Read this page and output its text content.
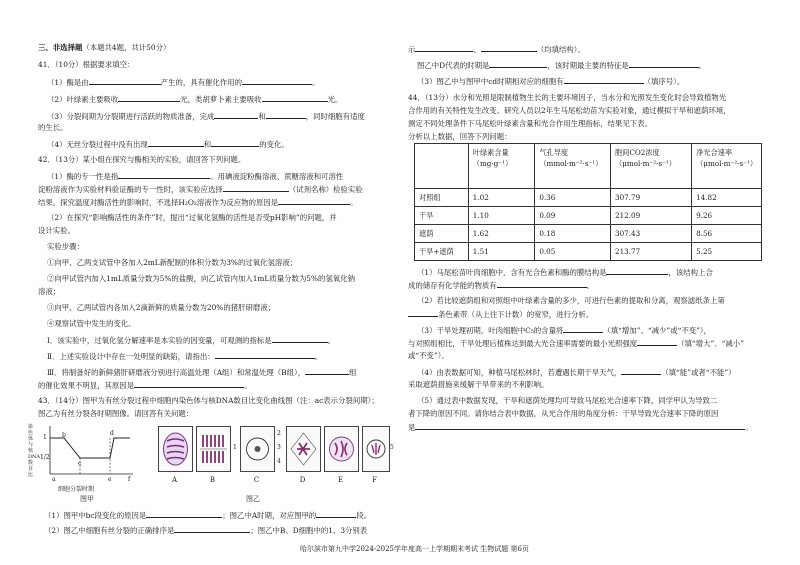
三、非选择题（本题共4题，共计50分）
41．（10分）根据要求填空：
（1）酶是由	产生的，具有催化作用的	。
（2）叶绿素主要吸收	光，类胡萝卜素主要吸收	光。
（3）分裂间期为分裂期进行活跃的物质准备，完成	和	，同时细胞有适度
的生长。
（4）无丝分裂过程中没有出现	和	的变化。
42．（13分）某小组在探究与酶相关的实验，请回答下列问题。
（1）酶的专一性是指	。用碘液淀粉酶溶液、蔗糖溶液和可溶性
淀粉溶液作为实验材料验证酶的专一性时，该实验应选择	（试剂名称）检验实验
结果。探究温度对酶活性的影响时，不选择H₂O₂溶液作为反应物的原因是	。
（2）在探究“影响酶活性的条件”时，提出“过氧化氢酶的活性是否受pH影响”的问题，并
设计实验。
实验步骤：
①向甲、乙两支试管中各加入2mL新配制的体积分数为3%的过氧化氢溶液；
②向甲试管内加入1mL质量分数为5%的盐酸，向乙试管内加入1mL质量分数为5%的氢氧化钠
溶液；
③向甲、乙两试管内各加入2滴新鲜的质量分数为20%的猪肝研磨液；
④观察试管中发生的变化。
Ⅰ．该实验中，过氧化氢分解速率是本实验的因变量，可观测的指标是	。
Ⅱ．上述实验设计中存在一处明显的缺陷，请指出：	。
Ⅲ．将制备好的新鲜猪肝研磨液分别进行高温处理（A组）和常温处理（B组），	组
的催化效果不明显，其原因是	。
43．（14分）图甲为有丝分裂过程中细胞内染色体与核DNA数目比变化曲线图（注：ac表示分裂间期）；
图乙为有丝分裂各时期图像。请回答有关问题：
染色体与核DNA数目比
1
1/2
a
b
c
d
e	f
细胞分裂时期
图甲
A	B
1
C
2
3
4
D	E	F
5
图乙
（1）图甲中bc段变化的原因是	；图乙中A时期，对应图甲的	段。
（2）图乙中细胞有丝分裂的正确排序是	；图乙中B、D细胞中的1、3分别表
示	、	（均填结构）。
图乙中D代表的时期是	，该时期最主要的特征是	。
（3）图乙中与图甲中cd时期相对应的细胞有	（填序号）。
44．（13分）水分和光照是限制植物生长的主要环境因子，当水分和光照发生变化时会导致植物光
合作用的有关特性发生改变。研究人员以2年生马尾松幼苗为实验对象，通过模拟干旱和遮荫环境，
测定不同处理条件下马尾松叶绿素含量和光合作用生理指标，结果见下表。
分析以上数据，回答下列问题：
	叶绿素含量（mg·g⁻¹）	气孔导度（mmol·m⁻²·s⁻¹）	胞间CO2浓度（μmol·m⁻²·s⁻¹）	净光合速率（μmol·m⁻²·s⁻¹）
对照组	1.02	0.36	307.79	14.82
干旱	1.10	0.09	212.09	9.26
遮荫	1.62	0.18	307.43	8.56
干旱+遮荫	1.51	0.05	213.77	5.25
（1）马尾松苗叶肉细胞中，含有光合色素和酶的膜结构是	，该结构上合
成的储存有化学能的物质有	。
（2）若比较遮荫组和对照组中叶绿素含量的多少，可进行色素的提取和分离，观察滤纸条上第
条色素带（从上往下计数）的宽窄，进行分析。
（3）干旱处理初期，叶肉细胞中C₅的含量将	（填“增加”、“减少”或“不变”），
与对照组相比，干旱处理后植株达到最大光合速率需要的最小光照强度	（填“增大”、“减小”
或“不变”）。
（4）由表数据可知，种植马尾松林时，若遭遇长期干旱天气，	（填“能”或者“不能”）
采取遮荫措施来缓解干旱带来的不利影响。
（5）通过表中数据发现，干旱和遮荫处理均可导致马尾松光合速率下降，同学甲认为导致二
者下降的原因不同。请你结合表中数据，从光合作用的角度分析：干旱导致光合速率下降的原因
是	。
哈尔滨市第九中学2024-2025学年度高一上学期期末考试 生物试题 第6页
